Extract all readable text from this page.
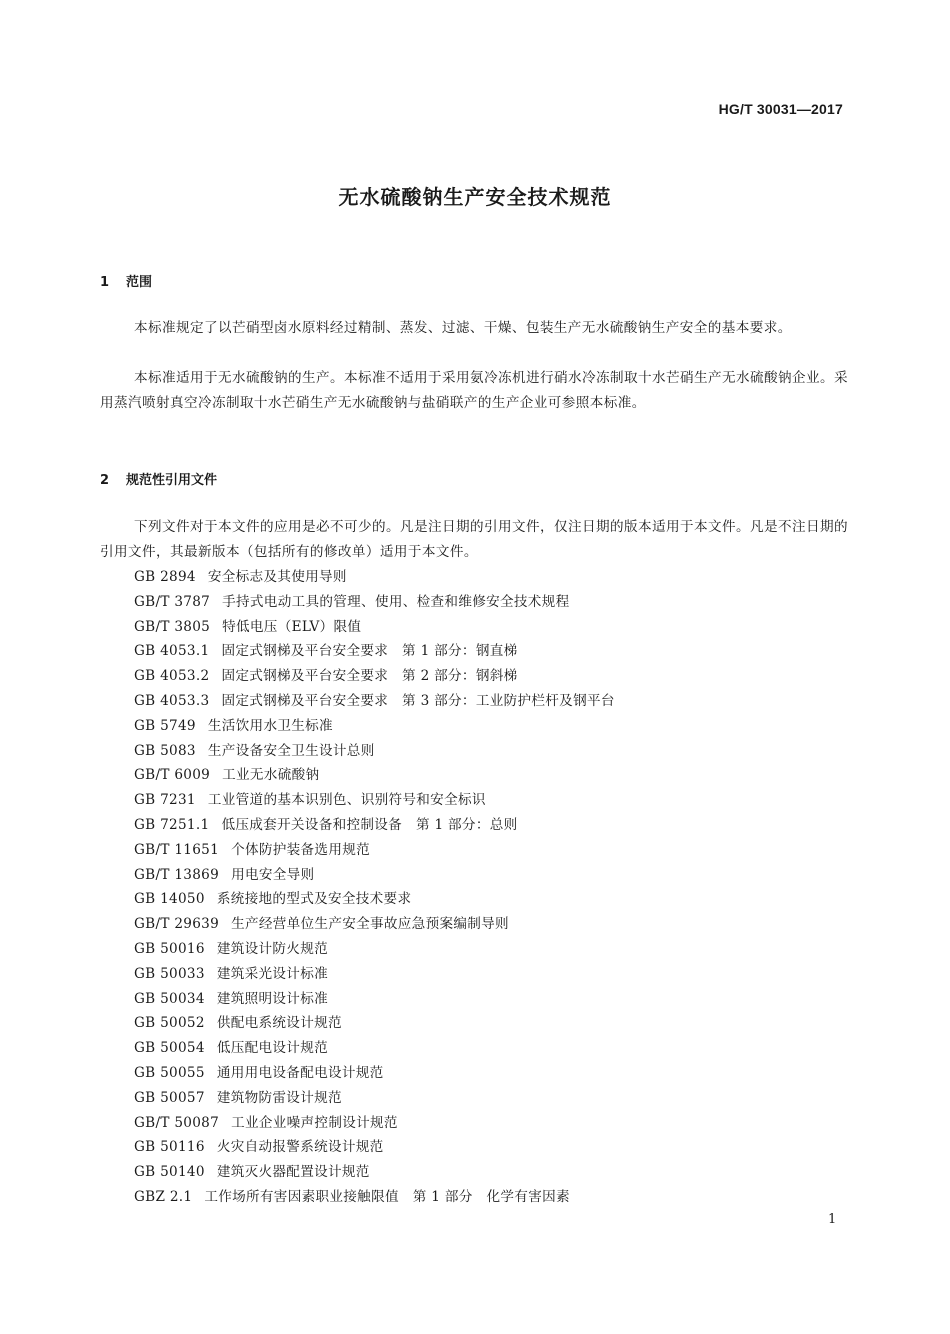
HG/T 30031—2017
无水硫酸钠生产安全技术规范
1 范围

本标准规定了以芒硝型卤水原料经过精制、蒸发、过滤、干燥、包装生产无水硫酸钠生产安全的基本要求。

本标准适用于无水硫酸钠的生产。本标准不适用于采用氨冷冻机进行硝水冷冻制取十水芒硝生产无水硫酸钠企业。采用蒸汽喷射真空冷冻制取十水芒硝生产无水硫酸钠与盐硝联产的生产企业可参照本标准。

2 规范性引用文件

下列文件对于本文件的应用是必不可少的。凡是注日期的引用文件，仅注日期的版本适用于本文件。凡是不注日期的引用文件，其最新版本（包括所有的修改单）适用于本文件。

GB 2894 安全标志及其使用导则
GB/T 3787 手持式电动工具的管理、使用、检查和维修安全技术规程
GB/T 3805 特低电压（ELV）限值
GB 4053.1 固定式钢梯及平台安全要求　第 1 部分：钢直梯
GB 4053.2 固定式钢梯及平台安全要求　第 2 部分：钢斜梯
GB 4053.3 固定式钢梯及平台安全要求　第 3 部分：工业防护栏杆及钢平台
GB 5749 生活饮用水卫生标准
GB 5083 生产设备安全卫生设计总则
GB/T 6009 工业无水硫酸钠
GB 7231 工业管道的基本识别色、识别符号和安全标识
GB 7251.1 低压成套开关设备和控制设备　第 1 部分：总则
GB/T 11651 个体防护装备选用规范
GB/T 13869 用电安全导则
GB 14050 系统接地的型式及安全技术要求
GB/T 29639 生产经营单位生产安全事故应急预案编制导则
GB 50016 建筑设计防火规范
GB 50033 建筑采光设计标准
GB 50034 建筑照明设计标准
GB 50052 供配电系统设计规范
GB 50054 低压配电设计规范
GB 50055 通用用电设备配电设计规范
GB 50057 建筑物防雷设计规范
GB/T 50087 工业企业噪声控制设计规范
GB 50116 火灾自动报警系统设计规范
GB 50140 建筑灭火器配置设计规范
GBZ 2.1 工作场所有害因素职业接触限值　第 1 部分　化学有害因素
1
